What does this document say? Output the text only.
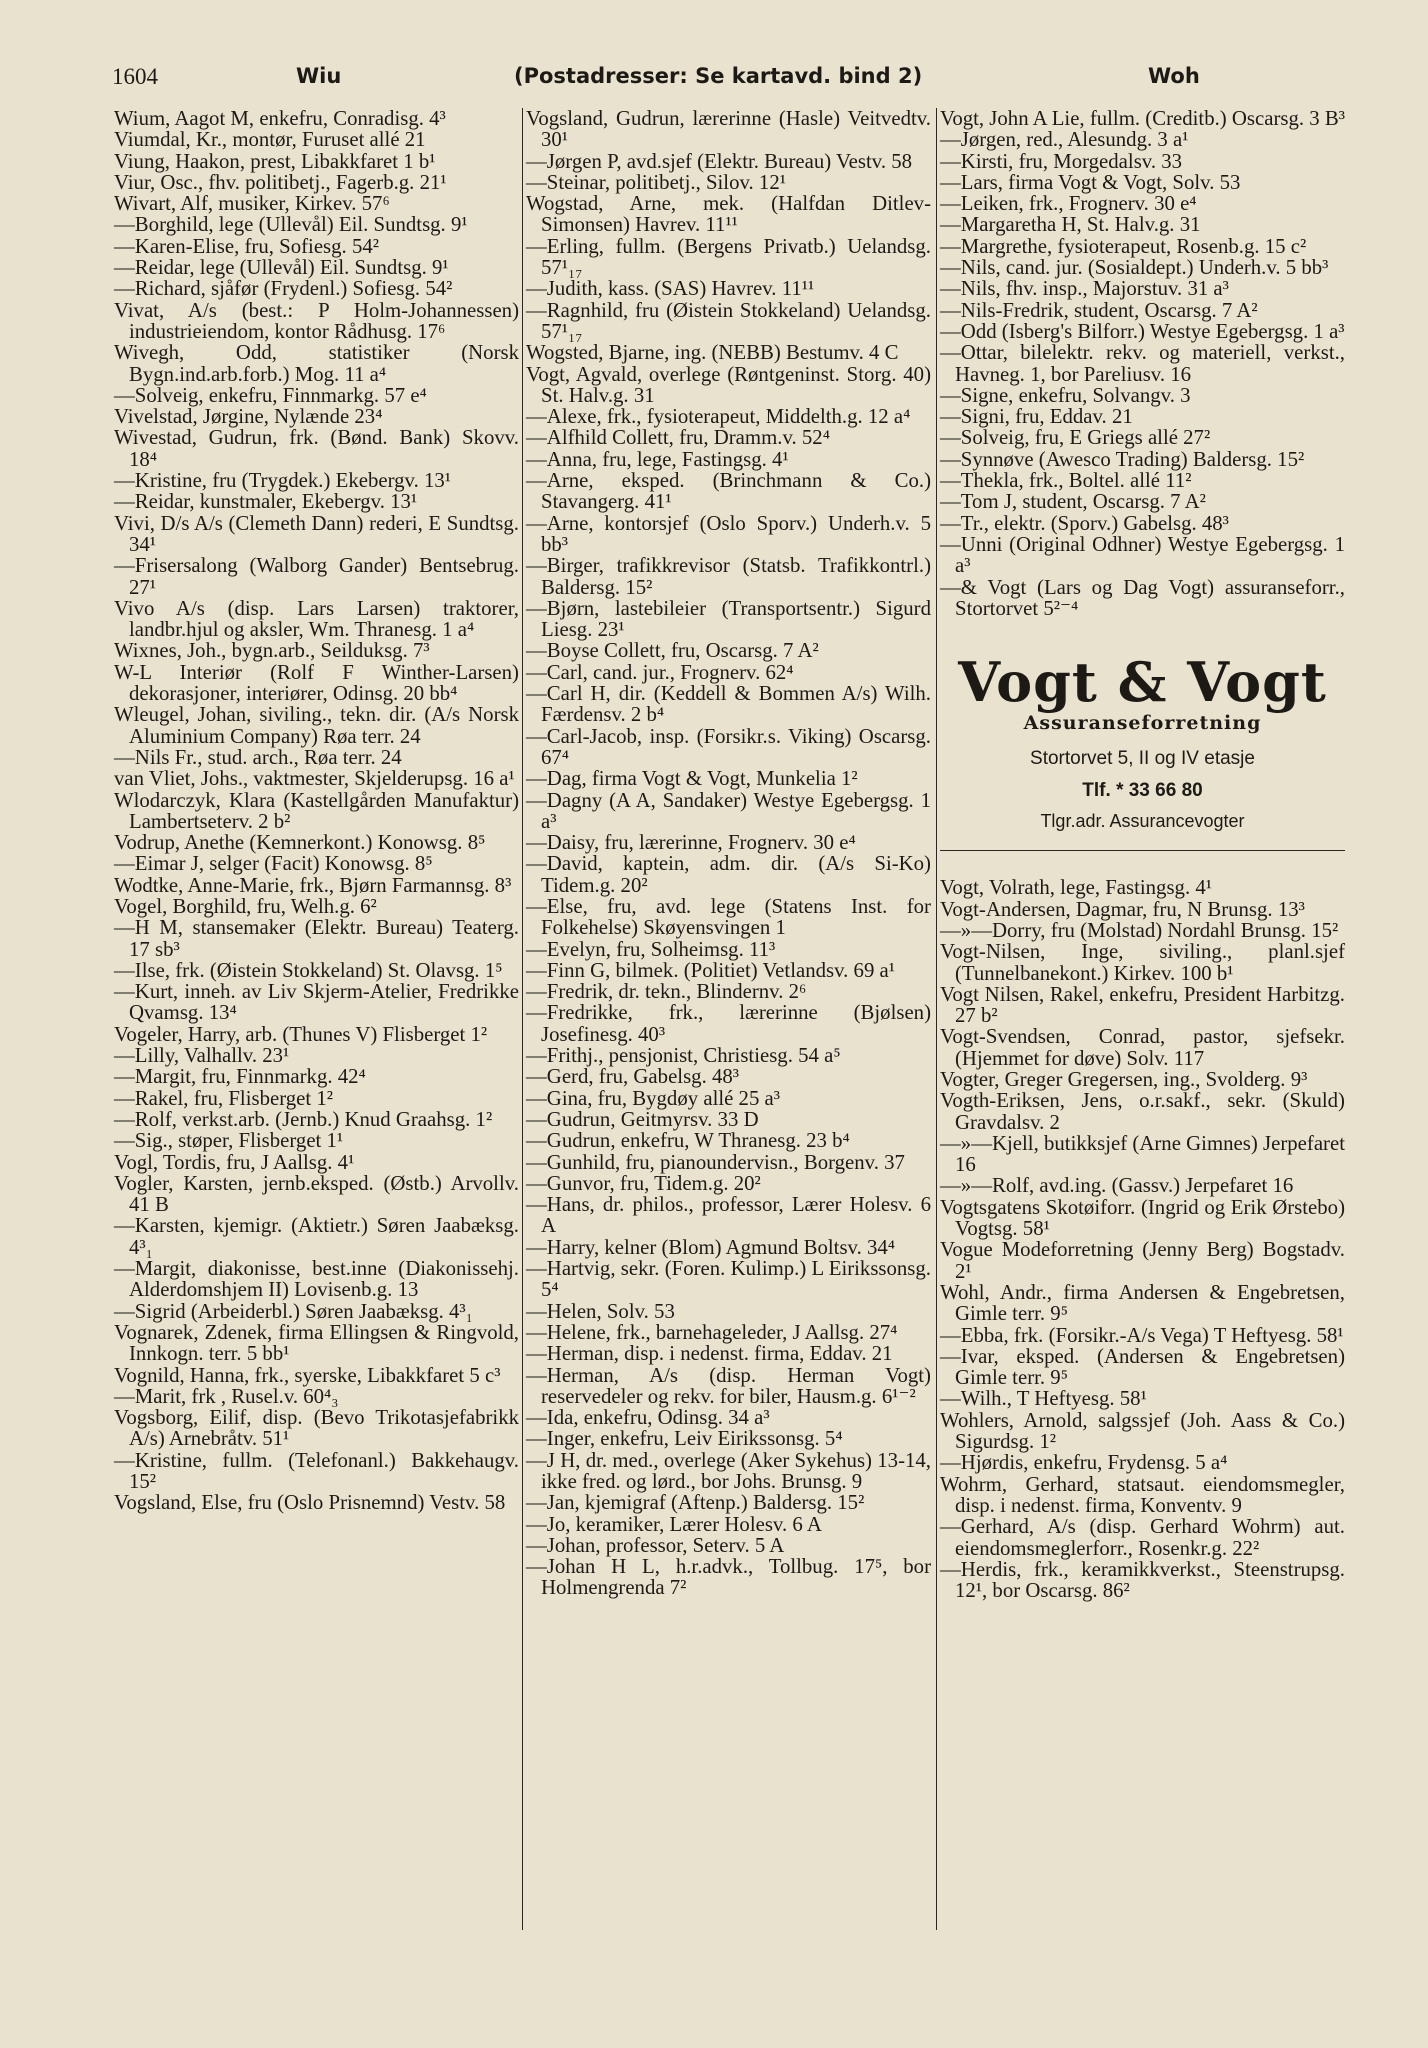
1604	Wiu	(Postadresser: Se kartavd. bind 2)	Woh
Wium, Aagot M, enkefru, Conradisg. 4³
Viumdal, Kr., montør, Furuset allé 21
Viung, Haakon, prest, Libakkfaret 1 b¹
Viur, Osc., fhv. politibetj., Fagerb.g. 21¹
Wivart, Alf, musiker, Kirkev. 57⁶
—Borghild, lege (Ullevål) Eil. Sundtsg. 9¹
—Karen-Elise, fru, Sofiesg. 54²
—Reidar, lege (Ullevål) Eil. Sundtsg. 9¹
—Richard, sjåfør (Frydenl.) Sofiesg. 54²
Vivat, A/s (best.: P Holm-Johannessen) industrieiendom, kontor Rådhusg. 17⁶
Wivegh, Odd, statistiker (Norsk Bygn.ind.arb.forb.) Mog. 11 a⁴
—Solveig, enkefru, Finnmarkg. 57 e⁴
Vivelstad, Jørgine, Nylænde 23⁴
Wivestad, Gudrun, frk. (Bønd. Bank) Skovv. 18⁴
—Kristine, fru (Trygdek.) Ekebergv. 13¹
—Reidar, kunstmaler, Ekebergv. 13¹
Vivi, D/s A/s (Clemeth Dann) rederi, E Sundtsg. 34¹
—Frisersalong (Walborg Gander) Bentsebrug. 27¹
Vivo A/s (disp. Lars Larsen) traktorer, landbr.hjul og aksler, Wm. Thranesg. 1 a⁴
Wixnes, Joh., bygn.arb., Seilduksg. 7³
W-L Interiør (Rolf F Winther-Larsen) dekorasjoner, interiører, Odinsg. 20 bb⁴
Wleugel, Johan, siviling., tekn. dir. (A/s Norsk Aluminium Company) Røa terr. 24
—Nils Fr., stud. arch., Røa terr. 24
van Vliet, Johs., vaktmester, Skjelderupsg. 16 a¹
Wlodarczyk, Klara (Kastellgården Manufaktur) Lambertseterv. 2 b²
Vodrup, Anethe (Kemnerkont.) Konowsg. 8⁵
—Eimar J, selger (Facit) Konowsg. 8⁵
Wodtke, Anne-Marie, frk., Bjørn Farmannsg. 8³
Vogel, Borghild, fru, Welh.g. 6²
—H M, stansemaker (Elektr. Bureau) Teaterg. 17 sb³
—Ilse, frk. (Øistein Stokkeland) St. Olavsg. 1⁵
—Kurt, inneh. av Liv Skjerm-Atelier, Fredrikke Qvamsg. 13⁴
Vogeler, Harry, arb. (Thunes V) Flisberget 1²
—Lilly, Valhallv. 23¹
—Margit, fru, Finnmarkg. 42⁴
—Rakel, fru, Flisberget 1²
—Rolf, verkst.arb. (Jernb.) Knud Graahsg. 1²
—Sig., støper, Flisberget 1¹
Vogl, Tordis, fru, J Aallsg. 4¹
Vogler, Karsten, jernb.eksped. (Østb.) Arvollv. 41 B
—Karsten, kjemigr. (Aktietr.) Søren Jaabæksg. 4³₁
—Margit, diakonisse, best.inne (Diakonissehj. Alderdomshjem II) Lovisenb.g. 13
—Sigrid (Arbeiderbl.) Søren Jaabæksg. 4³₁
Vognarek, Zdenek, firma Ellingsen & Ringvold, Innkogn. terr. 5 bb¹
Vognild, Hanna, frk., syerske, Libakkfaret 5 c³
—Marit, frk , Rusel.v. 60⁴₃
Vogsborg, Eilif, disp. (Bevo Trikotasjefabrikk A/s) Arnebråtv. 51¹
—Kristine, fullm. (Telefonanl.) Bakkehaugv. 15²
Vogsland, Else, fru (Oslo Prisnemnd) Vestv. 58
Vogsland, Gudrun, lærerinne (Hasle) Veitvedtv. 30¹
—Jørgen P, avd.sjef (Elektr. Bureau) Vestv. 58
—Steinar, politibetj., Silov. 12¹
Wogstad, Arne, mek. (Halfdan Ditlev-Simonsen) Havrev. 11¹¹
—Erling, fullm. (Bergens Privatb.) Uelandsg. 57¹₁₇
—Judith, kass. (SAS) Havrev. 11¹¹
—Ragnhild, fru (Øistein Stokkeland) Uelandsg. 57¹₁₇
Wogsted, Bjarne, ing. (NEBB) Bestumv. 4 C
Vogt, Agvald, overlege (Røntgeninst. Storg. 40) St. Halv.g. 31
—Alexe, frk., fysioterapeut, Middelth.g. 12 a⁴
—Alfhild Collett, fru, Dramm.v. 52⁴
—Anna, fru, lege, Fastingsg. 4¹
—Arne, eksped. (Brinchmann & Co.) Stavangerg. 41¹
—Arne, kontorsjef (Oslo Sporv.) Underh.v. 5 bb³
—Birger, trafikkrevisor (Statsb. Trafikkontrl.) Baldersg. 15²
—Bjørn, lastebileier (Transportsentr.) Sigurd Liesg. 23¹
—Boyse Collett, fru, Oscarsg. 7 A²
—Carl, cand. jur., Frognerv. 62⁴
—Carl H, dir. (Keddell & Bommen A/s) Wilh. Færdensv. 2 b⁴
—Carl-Jacob, insp. (Forsikr.s. Viking) Oscarsg. 67⁴
—Dag, firma Vogt & Vogt, Munkelia 1²
—Dagny (A A, Sandaker) Westye Egebergsg. 1 a³
—Daisy, fru, lærerinne, Frognerv. 30 e⁴
—David, kaptein, adm. dir. (A/s Si-Ko) Tidem.g. 20²
—Else, fru, avd. lege (Statens Inst. for Folkehelse) Skøyensvingen 1
—Evelyn, fru, Solheimsg. 11³
—Finn G, bilmek. (Politiet) Vetlandsv. 69 a¹
—Fredrik, dr. tekn., Blindernv. 2⁶
—Fredrikke, frk., lærerinne (Bjølsen) Josefinesg. 40³
—Frithj., pensjonist, Christiesg. 54 a⁵
—Gerd, fru, Gabelsg. 48³
—Gina, fru, Bygdøy allé 25 a³
—Gudrun, Geitmyrsv. 33 D
—Gudrun, enkefru, W Thranesg. 23 b⁴
—Gunhild, fru, pianoundervisn., Borgenv. 37
—Gunvor, fru, Tidem.g. 20²
—Hans, dr. philos., professor, Lærer Holesv. 6 A
—Harry, kelner (Blom) Agmund Boltsv. 34⁴
—Hartvig, sekr. (Foren. Kulimp.) L Eirikssonsg. 5⁴
—Helen, Solv. 53
—Helene, frk., barnehageleder, J Aallsg. 27⁴
—Herman, disp. i nedenst. firma, Eddav. 21
—Herman, A/s (disp. Herman Vogt) reservedeler og rekv. for biler, Hausm.g. 6¹⁻²
—Ida, enkefru, Odinsg. 34 a³
—Inger, enkefru, Leiv Eirikssonsg. 5⁴
—J H, dr. med., overlege (Aker Sykehus) 13-14, ikke fred. og lørd., bor Johs. Brunsg. 9
—Jan, kjemigraf (Aftenp.) Baldersg. 15²
—Jo, keramiker, Lærer Holesv. 6 A
—Johan, professor, Seterv. 5 A
—Johan H L, h.r.advk., Tollbug. 17⁵, bor Holmengrenda 7²
Vogt, John A Lie, fullm. (Creditb.) Oscarsg. 3 B³
—Jørgen, red., Alesundg. 3 a¹
—Kirsti, fru, Morgedalsv. 33
—Lars, firma Vogt & Vogt, Solv. 53
—Leiken, frk., Frognerv. 30 e⁴
—Margaretha H, St. Halv.g. 31
—Margrethe, fysioterapeut, Rosenb.g. 15 c²
—Nils, cand. jur. (Sosialdept.) Underh.v. 5 bb³
—Nils, fhv. insp., Majorstuv. 31 a³
—Nils-Fredrik, student, Oscarsg. 7 A²
—Odd (Isberg's Bilforr.) Westye Egebergsg. 1 a³
—Ottar, bilelektr. rekv. og materiell, verkst., Havneg. 1, bor Pareliusv. 16
—Signe, enkefru, Solvangv. 3
—Signi, fru, Eddav. 21
—Solveig, fru, E Griegs allé 27²
—Synnøve (Awesco Trading) Baldersg. 15²
—Thekla, frk., Boltel. allé 11²
—Tom J, student, Oscarsg. 7 A²
—Tr., elektr. (Sporv.) Gabelsg. 48³
—Unni (Original Odhner) Westye Egebergsg. 1 a³
—& Vogt (Lars og Dag Vogt) assuranseforr., Stortorvet 5²⁻⁴
Vogt & Vogt
Assuranseforretning
Stortorvet 5, II og IV etasje
Tlf. * 33 66 80
Tlgr.adr. Assurancevogter
Vogt, Volrath, lege, Fastingsg. 4¹
Vogt-Andersen, Dagmar, fru, N Brunsg. 13³
—»—Dorry, fru (Molstad) Nordahl Brunsg. 15²
Vogt-Nilsen, Inge, siviling., planl.sjef (Tunnelbanekont.) Kirkev. 100 b¹
Vogt Nilsen, Rakel, enkefru, President Harbitzg. 27 b²
Vogt-Svendsen, Conrad, pastor, sjefsekr. (Hjemmet for døve) Solv. 117
Vogter, Greger Gregersen, ing., Svolderg. 9³
Vogth-Eriksen, Jens, o.r.sakf., sekr. (Skuld) Gravdalsv. 2
—»—Kjell, butikksjef (Arne Gimnes) Jerpefaret 16
—»—Rolf, avd.ing. (Gassv.) Jerpefaret 16
Vogtsgatens Skotøiforr. (Ingrid og Erik Ørstebo) Vogtsg. 58¹
Vogue Modeforretning (Jenny Berg) Bogstadv. 2¹
Wohl, Andr., firma Andersen & Engebretsen, Gimle terr. 9⁵
—Ebba, frk. (Forsikr.-A/s Vega) T Heftyesg. 58¹
—Ivar, eksped. (Andersen & Engebretsen) Gimle terr. 9⁵
—Wilh., T Heftyesg. 58¹
Wohlers, Arnold, salgssjef (Joh. Aass & Co.) Sigurdsg. 1²
—Hjørdis, enkefru, Frydensg. 5 a⁴
Wohrm, Gerhard, statsaut. eiendomsmegler, disp. i nedenst. firma, Konventv. 9
—Gerhard, A/s (disp. Gerhard Wohrm) aut. eiendomsmeglerforr., Rosenkr.g. 22²
—Herdis, frk., keramikkverkst., Steenstrupsg. 12¹, bor Oscarsg. 86²
